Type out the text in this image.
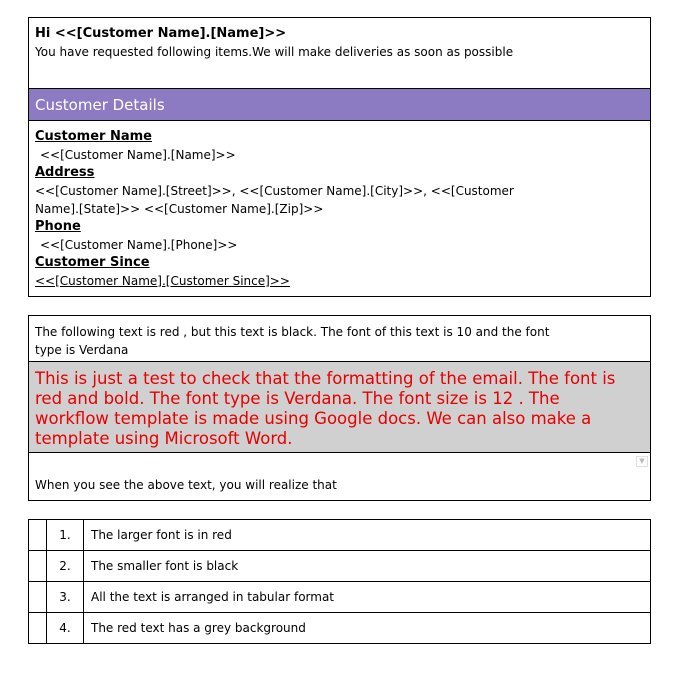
Hi <<[Customer Name].[Name]>>
You have requested following items.We will make deliveries as soon as possible
Customer Details
Customer Name
<<[Customer Name].[Name]>>
Address
<<[Customer Name].[Street]>>, <<[Customer Name].[City]>>, <<[Customer
Name].[State]>> <<[Customer Name].[Zip]>>
Phone
<<[Customer Name].[Phone]>>
Customer Since
<<[Customer Name].[Customer Since]>>
The following text is red , but this text is black. The font of this text is 10 and the font
type is Verdana
This is just a test to check that the formatting of the email. The font is
red and bold. The font type is Verdana. The font size is 12 . The
workflow template is made using Google docs. We can also make a
template using Microsoft Word.
▼
When you see the above text, you will realize that
	1.	The larger font is in red
	2.	The smaller font is black
	3.	All the text is arranged in tabular format
	4.	The red text has a grey background
